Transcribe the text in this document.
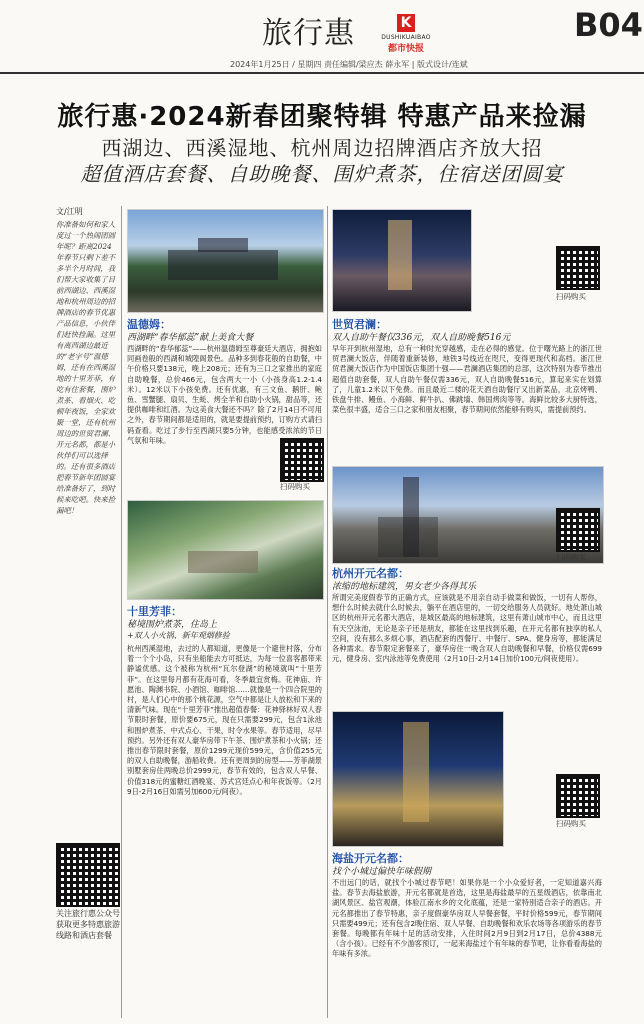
旅行惠	K
DUSHIKUAIBAO
都市快报
B04
2024年1月25日 / 星期四 责任编辑/梁应杰 薛永军 | 版式设计/连斌
旅行惠·2024新春团聚特辑 特惠产品来捡漏
西湖边、西溪湿地、杭州周边招牌酒店齐放大招
超值酒店套餐、自助晚餐、围炉煮茶，住宿送团圆宴
文/江明
你准备如何和家人度过一个热闹团圆年呢？距离2024年春节只剩下差不多半个月时间，我们帮大家收集了目前西湖边、西溪湿地和杭州周边的招牌酒店的春节优惠产品信息，小伙伴们赶快捡漏。这里有离西湖边最近的“老字号”温德姆，还有在西溪湿地的十里芳菲，有吃有住套餐，围炉煮茶、看烟火、吃顿年夜饭，全家欢聚一堂，还有杭州周边的世贸君澜、开元名都，都是小伙伴们可以选择的。还有很多酒店把春节新年团圆宴给准备好了，到时候来吃吧。快来捡漏吧！
关注旅行惠公众号获取更多特惠旅游线路和酒店套餐
温德姆：
西湖畔“春华郁蕊”献上美食大餐
西湖畔的“春华郁蕊”——杭州温德姆至尊豪廷大酒店，拥抱如同画卷般的西湖和城隍阁景色。品种多到春花般的自助餐，中午价格只要138元，晚上208元；还有为三口之家推出的家庭自助晚餐，总价466元，包含两大一小（小孩身高1.2-1.4米）。12米以下小孩免费。还有优惠，有三文鱼、鹅肝、鲍鱼、雪蟹腿、扇贝、生蚝、烤全羊和自助小火锅，甜品等，还提供咖啡和红酒。为这美食大餐还不吗？除了2月14日不可用之外，春节期间都是适用的，就是要提前预约，订购方式请扫码查看。吃过了步行至西湖只要5分钟，也能感受浓浓的节日气氛和年味。
扫码购买
十里芳菲：
秘境围炉煮茶，住岛上
+双人小火锅、新年观烟修验
杭州西溪湿地，去过的人都知道，更像是一个避世村落，分布着一个个小岛，只有坐船能去方可抵达，为每一位喜客都带来静谧优感。这个被称为杭州“瓦尔登湖”的秘境就叫“十里芳菲”。在这里每月都有花海可看，冬季最宜赏梅。花神庙、许愿池、陶渊书院、小酒馆、咖啡馆……就像是一个四合院里的村，是人们心中的那个桃花源，空气中都是让人放松和下来的清新气味。现在“十里芳菲”推出超值春餐：花神驿林好双人春节限时套餐，原价要675元，现在只需要299元，包含1泳池和围炉煮茶、中式点心、干果，时令水果等。春节适用，尽早预约。另外还有双人豪华房带下午茶、围炉煮茶和小火锅；还推出春节限时套餐，原价1299元现价599元，含价值255元的双人自助晚餐，游船收费。还有更周到的房型——芳菲湖景别墅套房住两晚总价2999元，春节有效的，包含双人早餐、价值318元的蜜糖红酒晚宴、苏式宫廷点心和年夜饭等。（2月9日-2月16日如需另加600元/间夜）。
扫码购买
世贸君澜：
双人自助午餐仅336元，双人自助晚餐516元
早年开到杭州湿地，总有一种时光穿越感，走在必得的感觉。位于曙光路上的浙江世贸君澜大饭店，伴随着重新装修，地铁3号线近在咫尺，变得更现代和高档。浙江世贸君澜大饭店作为中国饭店集团十强——君澜酒店集团的总部，这次特别为春节推出超值自助套餐，双人自助午餐仅需336元，双人自助晚餐516元，算起来实在划算了，儿童1.2米以下免费。而且最近二楼的花天酒自助餐厅又出新菜品，北京烤鸭、铁盘牛排、鳗鱼、小海鲜、鲜牛扒、佛跳墙、韩国烤肉等等。海鲜比较多大厨特选，菜色很丰盛，适合三口之家和朋友相聚，春节期间依然能够有购买，需提前预约。
扫码购买
杭州开元名都：
浓缩的地标建筑，男女老少各得其乐
所谓完美度假春节的正确方式，应该就是不用亲自动手做菜和做饭，一切有人帮你，想什么时候去就什么时候去，躺平在酒店里的，一切交给服务人员就好。地处萧山城区的杭州开元名都大酒店，是城区最高的地标建筑，这里有萧山城市中心，而且这里有天空泳池，无论是亲子还是朋友，都能在这里找到乐趣，在开元名都有独享的私人空间，没有那么多烦心事，酒店配套的西餐厅、中餐厅、SPA、健身房等，都能满足各种需求。春节限定套餐来了，豪华房住一晚含双人自助晚餐和早餐，价格仅需699元，健身房、室内泳池等免费使用（2月10日-2月14日加价100元/间夜使用）。
扫码购买
海盐开元名都：
找个小城过偏快年味假期
不出远门的话，就找个小城过春节吧！如果你是一个小众爱好者，一定知道嘉兴海盐。春节去海盐旅游，开元名都就是首选，这里是海盐最早的五星级酒店，依靠南北湖风景区、盐官观潮，体验江南水乡的文化底蕴，还是一家特别适合亲子的酒店。开元名都推出了春节特惠，亲子度假豪华房双人早餐套餐，平时价格599元，春节期间只需要499元；还有包含2晚住宿、双人早餐、自助晚餐和欢乐农场等各项游乐的春节套餐。每晚都有年味十足的活动安排，入住时间2月9日到2月17日，总价4388元（含小孩）。已经有不少游客预订，一起来海盐过个有年味的春节吧，让你看看海盐的年味有多浓。
